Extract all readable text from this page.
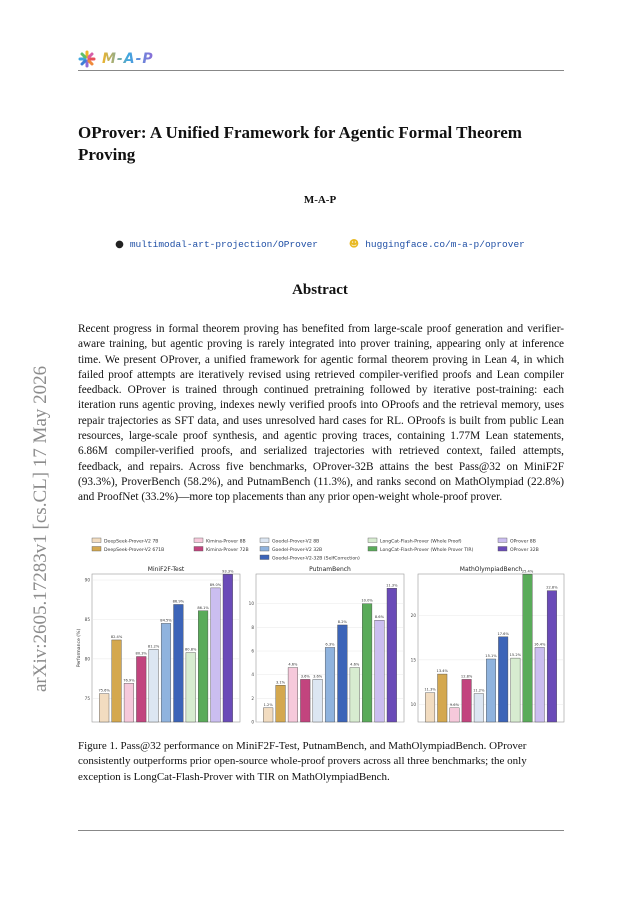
M-A-P
arXiv:2605.17283v1 [cs.CL] 17 May 2026
OProver: A Unified Framework for Agentic Formal Theorem Proving
M-A-P
● multimodal-art-projection/OProver	☻ huggingface.co/m-a-p/oprover
Abstract
Recent progress in formal theorem proving has benefited from large-scale proof generation and verifier-aware training, but agentic proving is rarely integrated into prover training, appearing only at inference time. We present OProver, a unified framework for agentic formal theorem proving in Lean 4, in which failed proof attempts are iteratively revised using retrieved compiler-verified proofs and Lean compiler feedback. OProver is trained through continued pretraining followed by iterative post-training: each iteration runs agentic proving, indexes newly verified proofs into OProofs and the retrieval memory, uses repair trajectories as SFT data, and uses unresolved hard cases for RL. OProofs is built from public Lean resources, large-scale proof synthesis, and agentic proving traces, containing 1.77M Lean statements, 6.86M compiler-verified proofs, and serialized trajectories with retrieved context, failed attempts, feedback, and repairs. Across five benchmarks, OProver-32B attains the best Pass@32 on MiniF2F (93.3%), ProverBench (58.2%), and PutnamBench (11.3%), and ranks second on MathOlympiad (22.8%) and ProofNet (33.2%)—more top placements than any prior open-weight whole-proof prover.
DeepSeek-Prover-V2 7B
DeepSeek-Prover-V2 671B
Kimina-Prover 8B
Kimina-Prover 72B
Goedel-Prover-V2 8B
Goedel-Prover-V2 32B
Goedel-Prover-V2-32B (SelfCorrection)
LongCat-Flash-Prover (Whole Proof)
LongCat-Flash-Prover (Whole Prover TIR)
OProver 8B
OProver 32B
MiniF2F-Test
75
80
85
90
75.6%
82.4%
76.9%
80.3%
81.2%
84.5%
86.9%
80.8%
86.1%
89.0%
93.3%
Performance (%)
PutnamBench
0
2
4
6
8
10
1.2%
3.1%
4.6%
3.6% 3.6%
6.3%
8.2%
4.6%
10.0%
8.6%
11.3%
MathOlympiadBench
10
15
20
11.3%
13.4%
9.6%
12.8%
11.2%
15.1%
17.6%
15.2%
25.4%
16.4%
22.8%
Figure 1. Pass@32 performance on MiniF2F-Test, PutnamBench, and MathOlympiadBench. OProver consistently outperforms prior open-source whole-proof provers across all three benchmarks; the only exception is LongCat-Flash-Prover with TIR on MathOlympiadBench.
